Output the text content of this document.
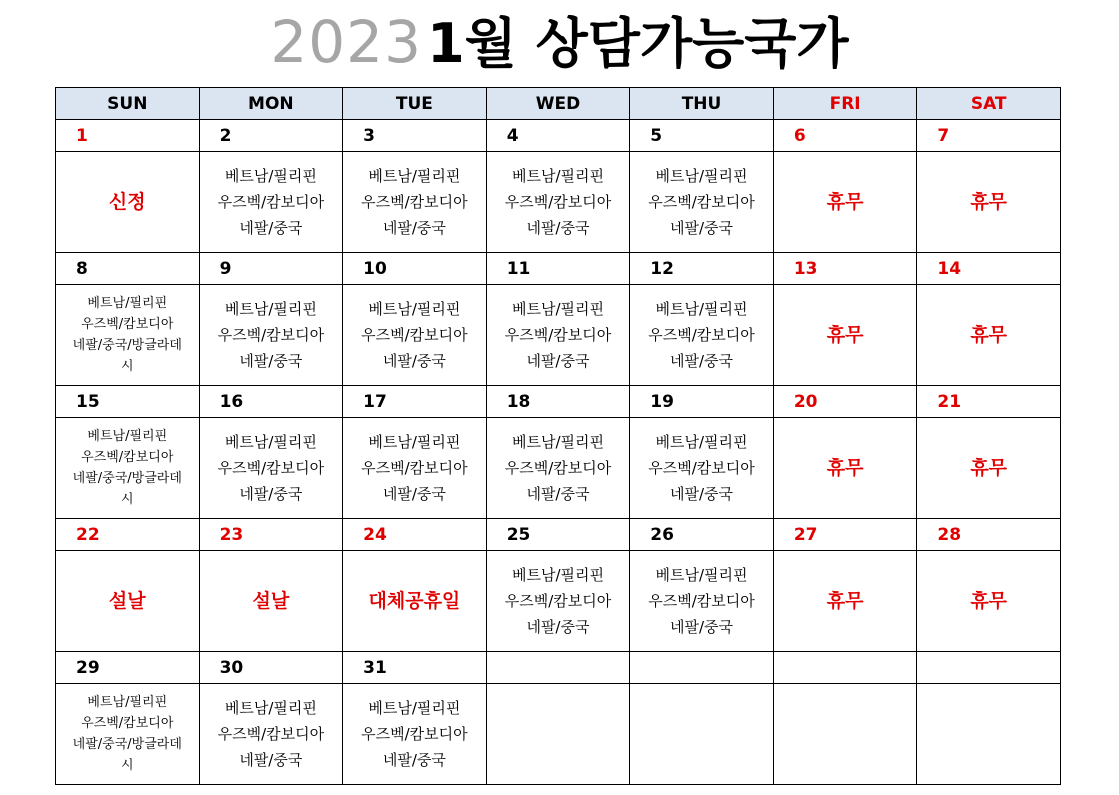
2023 1월 상담가능국가
SUN	MON	TUE	WED	THU	FRI	SAT
1	2	3	4	5	6	7

신정	베트남/필리핀
우즈벡/캄보디아
네팔/중국	베트남/필리핀
우즈벡/캄보디아
네팔/중국	베트남/필리핀
우즈벡/캄보디아
네팔/중국	베트남/필리핀
우즈벡/캄보디아
네팔/중국	휴무	휴무

8	9	10	11	12	13	14

베트남/필리핀
우즈벡/캄보디아
네팔/중국/방글라데
시	베트남/필리핀
우즈벡/캄보디아
네팔/중국	베트남/필리핀
우즈벡/캄보디아
네팔/중국	베트남/필리핀
우즈벡/캄보디아
네팔/중국	베트남/필리핀
우즈벡/캄보디아
네팔/중국	휴무	휴무

15	16	17	18	19	20	21

베트남/필리핀
우즈벡/캄보디아
네팔/중국/방글라데
시	베트남/필리핀
우즈벡/캄보디아
네팔/중국	베트남/필리핀
우즈벡/캄보디아
네팔/중국	베트남/필리핀
우즈벡/캄보디아
네팔/중국	베트남/필리핀
우즈벡/캄보디아
네팔/중국	휴무	휴무

22	23	24	25	26	27	28

설날	설날	대체공휴일	베트남/필리핀
우즈벡/캄보디아
네팔/중국	베트남/필리핀
우즈벡/캄보디아
네팔/중국	휴무	휴무

29	30	31				

베트남/필리핀
우즈벡/캄보디아
네팔/중국/방글라데
시	베트남/필리핀
우즈벡/캄보디아
네팔/중국	베트남/필리핀
우즈벡/캄보디아
네팔/중국				
